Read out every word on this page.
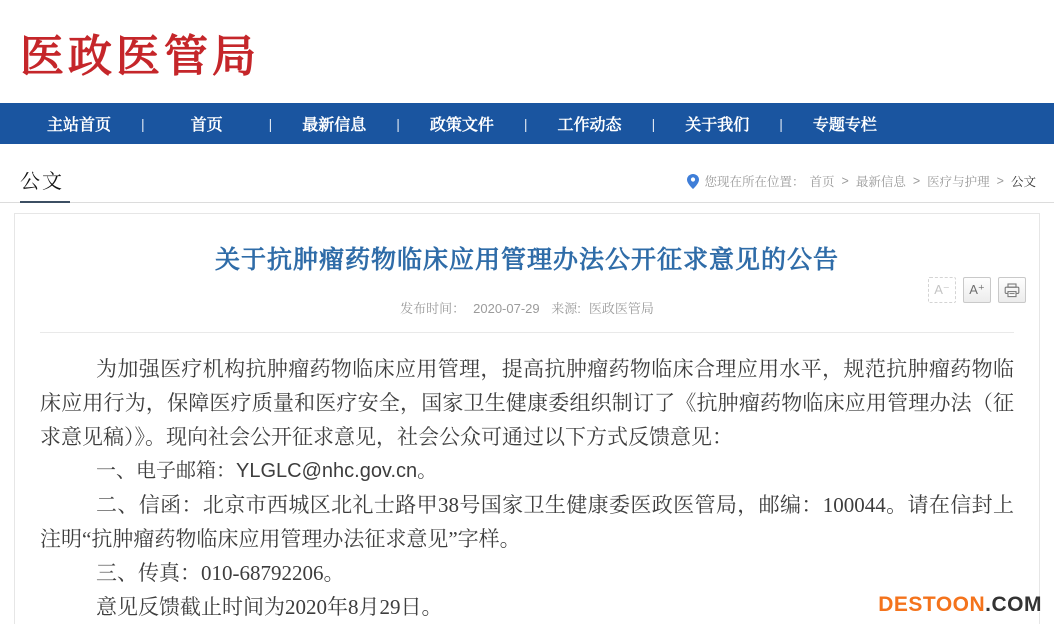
医政医管局
主站首页	|	首页	|	最新信息	|	政策文件	|	工作动态	|	关于我们	|	专题专栏
公文	您现在所在位置： 首页 > 最新信息 > 医疗与护理 > 公文
关于抗肿瘤药物临床应用管理办法公开征求意见的公告
发布时间： 2020-07-29 来源: 医政医管局
A⁻	A⁺

为加强医疗机构抗肿瘤药物临床应用管理，提高抗肿瘤药物临床合理应用水平，规范抗肿瘤药物临床应用行为，保障医疗质量和医疗安全，国家卫生健康委组织制订了《抗肿瘤药物临床应用管理办法（征求意见稿）》。现向社会公开征求意见，社会公众可通过以下方式反馈意见：

一、电子邮箱：YLGLC@nhc.gov.cn。

二、信函：北京市西城区北礼士路甲38号国家卫生健康委医政医管局，邮编：100044。请在信封上注明“抗肿瘤药物临床应用管理办法征求意见”字样。

三、传真：010-68792206。

意见反馈截止时间为2020年8月29日。	DESTOON.COM
